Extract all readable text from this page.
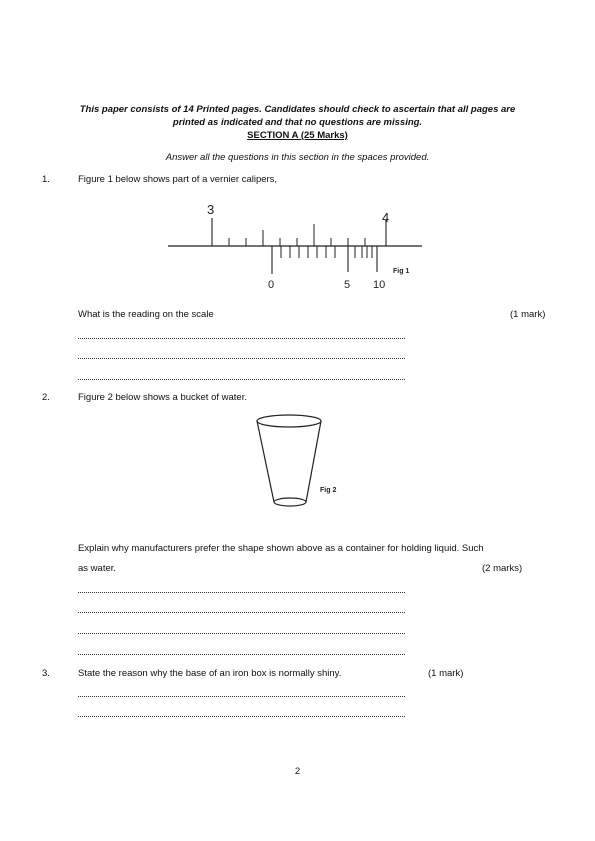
This paper consists of 14 Printed pages. Candidates should check to ascertain that all pages are
printed as indicated and that no questions are missing.
SECTION A (25 Marks)
Answer all the questions in this section in the spaces provided.
1.	Figure 1 below shows part of a vernier calipers,
3
4
0	5 10
Fig 1
What is the reading on the scale	(1 mark)
2.	Figure 2 below shows a bucket of water.
Fig 2
Explain why manufacturers prefer the shape shown above as a container for holding liquid. Such
as water.	(2 marks)
3.	State the reason why the base of an iron box is normally shiny.	(1 mark)
2
